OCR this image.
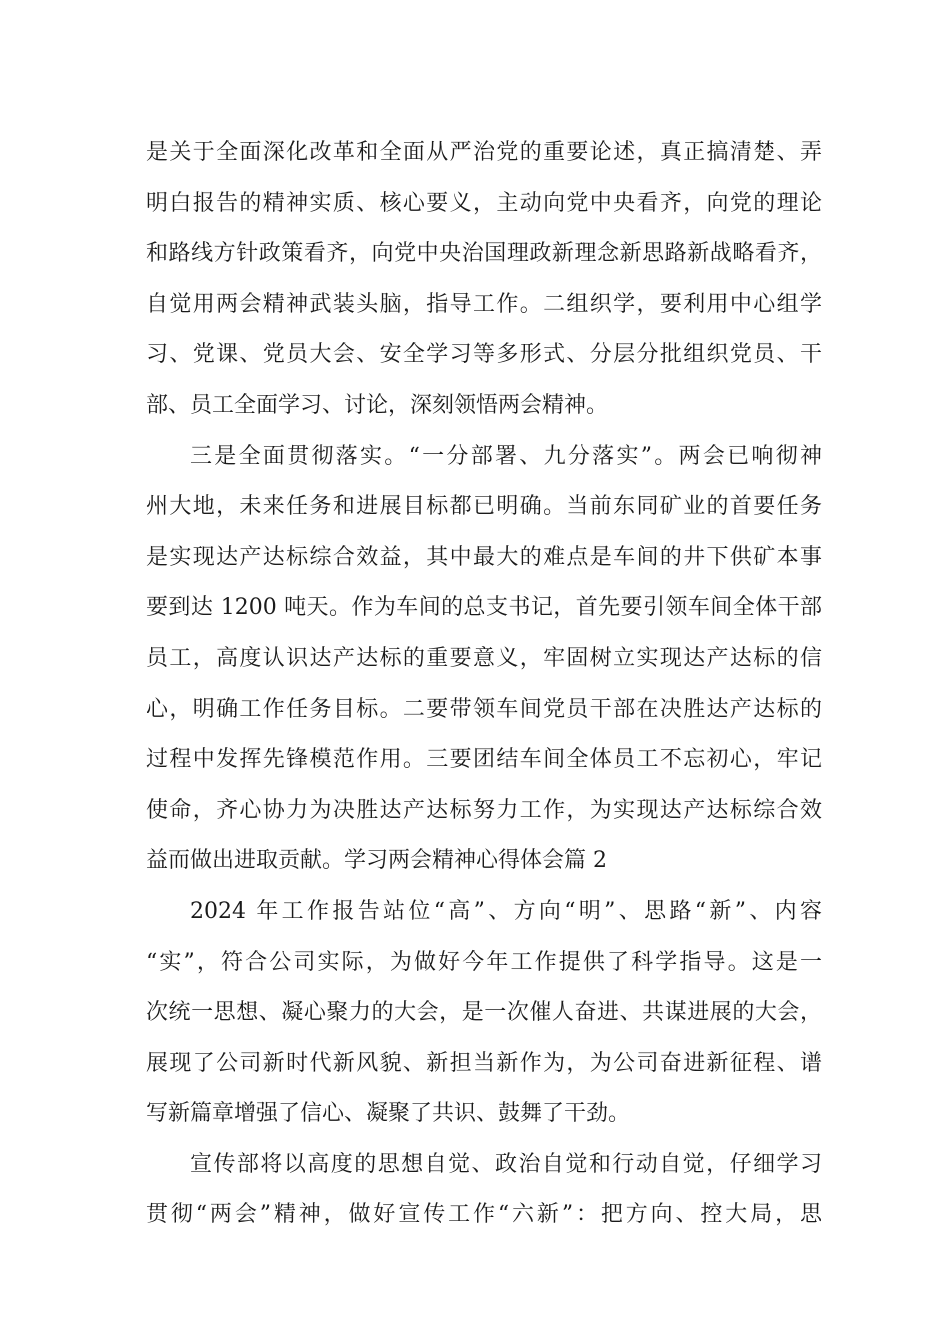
是关于全面深化改革和全面从严治党的重要论述，真正搞清楚、弄
明白报告的精神实质、核心要义，主动向党中央看齐，向党的理论
和路线方针政策看齐，向党中央治国理政新理念新思路新战略看齐，
自觉用两会精神武装头脑，指导工作。二组织学，要利用中心组学
习、党课、党员大会、安全学习等多形式、分层分批组织党员、干
部、员工全面学习、讨论，深刻领悟两会精神。
三是全面贯彻落实。“一分部署、九分落实”。两会已响彻神
州大地，未来任务和进展目标都已明确。当前东同矿业的首要任务
是实现达产达标综合效益，其中最大的难点是车间的井下供矿本事
要到达 1200 吨天。作为车间的总支书记，首先要引领车间全体干部
员工，高度认识达产达标的重要意义，牢固树立实现达产达标的信
心，明确工作任务目标。二要带领车间党员干部在决胜达产达标的
过程中发挥先锋模范作用。三要团结车间全体员工不忘初心，牢记
使命，齐心协力为决胜达产达标努力工作，为实现达产达标综合效
益而做出进取贡献。学习两会精神心得体会篇 2
2024 年工作报告站位“高”、方向“明”、思路“新”、内容
“实”，符合公司实际，为做好今年工作提供了科学指导。这是一
次统一思想、凝心聚力的大会，是一次催人奋进、共谋进展的大会，
展现了公司新时代新风貌、新担当新作为，为公司奋进新征程、谱
写新篇章增强了信心、凝聚了共识、鼓舞了干劲。
宣传部将以高度的思想自觉、政治自觉和行动自觉，仔细学习
贯彻“两会”精神，做好宣传工作“六新”：把方向、控大局，思
